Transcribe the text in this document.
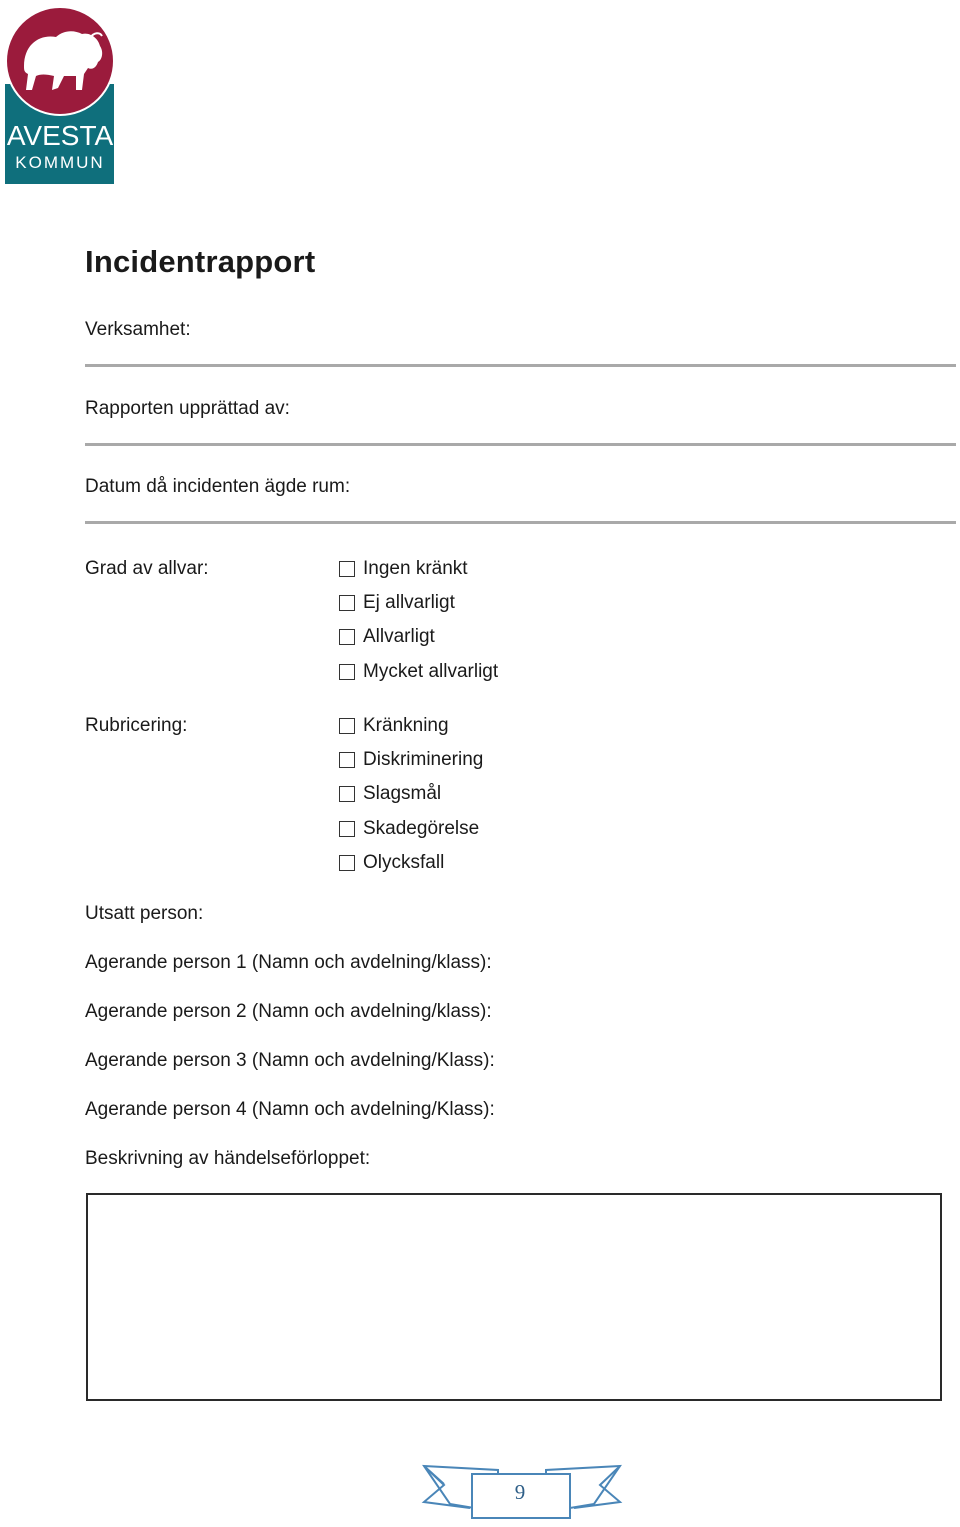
AVESTA
KOMMUN
Incidentrapport
Verksamhet:
Rapporten upprättad av:
Datum då incidenten ägde rum:
Grad av allvar:	Ingen kränkt
Ej allvarligt
Allvarligt
Mycket allvarligt
Rubricering:	Kränkning
Diskriminering
Slagsmål
Skadegörelse
Olycksfall
Utsatt person:
Agerande person 1 (Namn och avdelning/klass):
Agerande person 2 (Namn och avdelning/klass):
Agerande person 3 (Namn och avdelning/Klass):
Agerande person 4 (Namn och avdelning/Klass):
Beskrivning av händelseförloppet:
9
